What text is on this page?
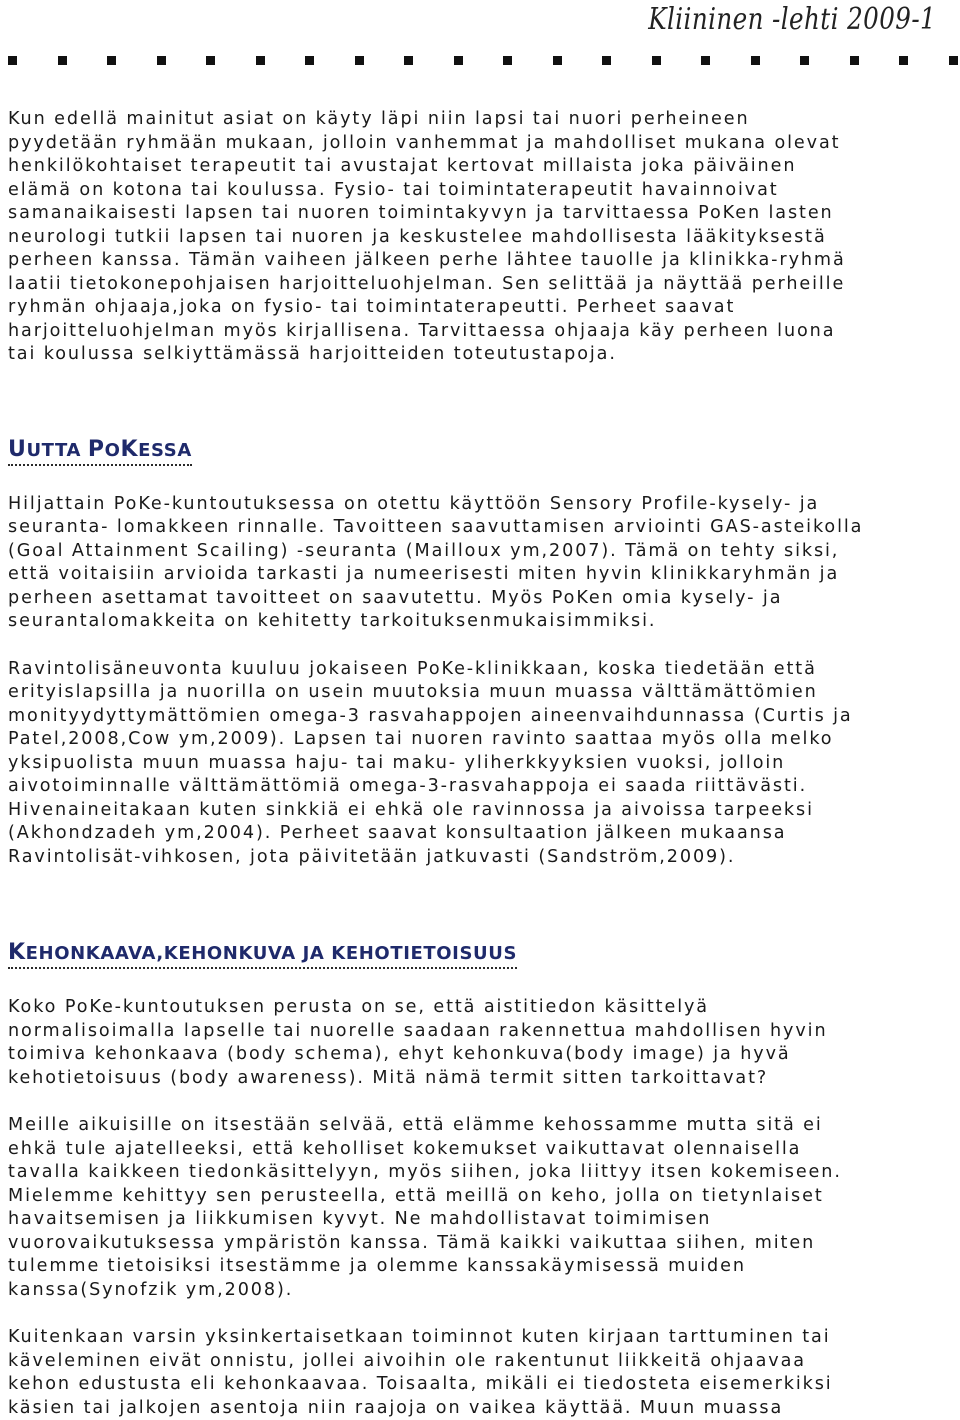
Kliininen -lehti 2009-1

Kun edellä mainitut asiat on käyty läpi niin lapsi tai nuori perheineen

pyydetään ryhmään mukaan, jolloin vanhemmat ja mahdolliset mukana olevat

henkilökohtaiset terapeutit tai avustajat kertovat millaista joka päiväinen

elämä on kotona tai koulussa. Fysio- tai toimintaterapeutit havainnoivat

samanaikaisesti lapsen tai nuoren toimintakyvyn ja tarvittaessa PoKen lasten

neurologi tutkii lapsen tai nuoren ja keskustelee mahdollisesta lääkityksestä

perheen kanssa. Tämän vaiheen jälkeen perhe lähtee tauolle ja klinikka-ryhmä

laatii tietokonepohjaisen harjoitteluohjelman. Sen selittää ja näyttää perheille

ryhmän ohjaaja,joka on fysio- tai toimintaterapeutti. Perheet saavat

harjoitteluohjelman myös kirjallisena. Tarvittaessa ohjaaja käy perheen luona

tai koulussa selkiyttämässä harjoitteiden toteutustapoja.

UUTTA POKESSA

Hiljattain PoKe-kuntoutuksessa on otettu käyttöön Sensory Profile-kysely- ja

seuranta- lomakkeen rinnalle. Tavoitteen saavuttamisen arviointi GAS-asteikolla

(Goal Attainment Scailing) -seuranta (Mailloux ym,2007). Tämä on tehty siksi,

että voitaisiin arvioida tarkasti ja numeerisesti miten hyvin klinikkaryhmän ja

perheen asettamat tavoitteet on saavutettu. Myös PoKen omia kysely- ja

seurantalomakkeita on kehitetty tarkoituksenmukaisimmiksi.

Ravintolisäneuvonta kuuluu jokaiseen PoKe-klinikkaan, koska tiedetään että

erityislapsilla ja nuorilla on usein muutoksia muun muassa välttämättömien

monityydyttymättömien omega-3 rasvahappojen aineenvaihdunnassa (Curtis ja

Patel,2008,Cow ym,2009). Lapsen tai nuoren ravinto saattaa myös olla melko

yksipuolista muun muassa haju- tai maku- yliherkkyyksien vuoksi, jolloin

aivotoiminnalle välttämättömiä omega-3-rasvahappoja ei saada riittävästi.

Hivenaineitakaan kuten sinkkiä ei ehkä ole ravinnossa ja aivoissa tarpeeksi

(Akhondzadeh ym,2004). Perheet saavat konsultaation jälkeen mukaansa

Ravintolisät-vihkosen, jota päivitetään jatkuvasti (Sandström,2009).

KEHONKAAVA,KEHONKUVA JA KEHOTIETOISUUS

Koko PoKe-kuntoutuksen perusta on se, että aistitiedon käsittelyä

normalisoimalla lapselle tai nuorelle saadaan rakennettua mahdollisen hyvin

toimiva kehonkaava (body schema), ehyt kehonkuva(body image) ja hyvä

kehotietoisuus (body awareness). Mitä nämä termit sitten tarkoittavat?

Meille aikuisille on itsestään selvää, että elämme kehossamme mutta sitä ei

ehkä tule ajatelleeksi, että keholliset kokemukset vaikuttavat olennaisella

tavalla kaikkeen tiedonkäsittelyyn, myös siihen, joka liittyy itsen kokemiseen.

Mielemme kehittyy sen perusteella, että meillä on keho, jolla on tietynlaiset

havaitsemisen ja liikkumisen kyvyt. Ne mahdollistavat toimimisen

vuorovaikutuksessa ympäristön kanssa. Tämä kaikki vaikuttaa siihen, miten

tulemme tietoisiksi itsestämme ja olemme kanssakäymisessä muiden

kanssa(Synofzik ym,2008).

Kuitenkaan varsin yksinkertaisetkaan toiminnot kuten kirjaan tarttuminen tai

käveleminen eivät onnistu, jollei aivoihin ole rakentunut liikkeitä ohjaavaa

kehon edustusta eli kehonkaavaa. Toisaalta, mikäli ei tiedosteta eisemerkiksi

käsien tai jalkojen asentoja niin raajoja on vaikea käyttää. Muun muassa
